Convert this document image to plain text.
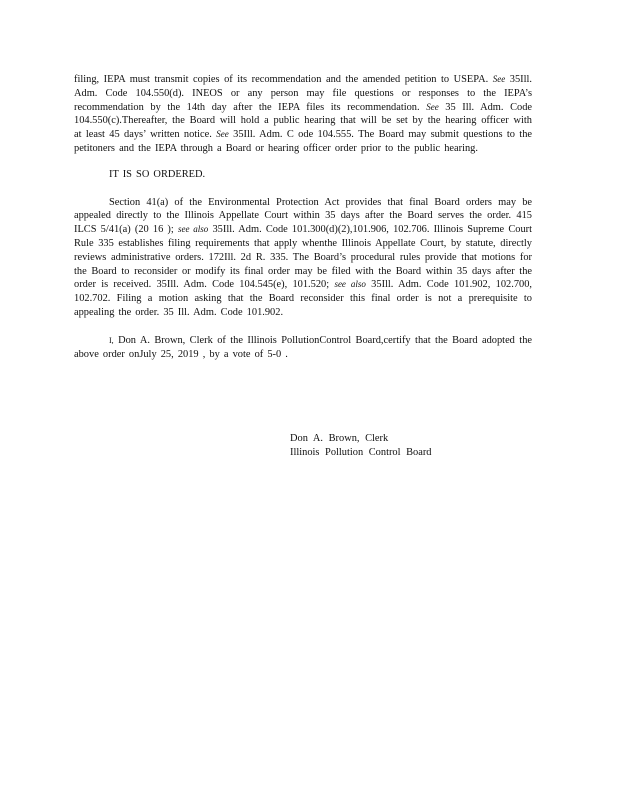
filing, IEPA must transmit copies of its recommendation and the amended petition to USEPA. See 35Ill. Adm. Code 104.550(d). INEOS or any person may file questions or responses to the IEPA’s recommendation by the 14th day after the IEPA files its recommendation. See 35 Ill. Adm. Code 104.550(c).Thereafter, the Board will hold a public hearing that will be set by the hearing officer with at least 45 days’ written notice. See 35Ill. Adm. C ode 104.555. The Board may submit questions to the petitoners and the IEPA through a Board or hearing officer order prior to the public hearing.

IT IS SO ORDERED.

Section 41(a) of the Environmental Protection Act provides that final Board orders may be appealed directly to the Illinois Appellate Court within 35 days after the Board serves the order. 415 ILCS 5/41(a) (20 16 ); see also 35Ill. Adm. Code 101.300(d)(2),101.906, 102.706. Illinois Supreme Court Rule 335 establishes filing requirements that apply whenthe Illinois Appellate Court, by statute, directly reviews administrative orders. 172Ill. 2d R. 335. The Board’s procedural rules provide that motions for the Board to reconsider or modify its final order may be filed with the Board within 35 days after the order is received. 35Ill. Adm. Code 104.545(e), 101.520; see also 35Ill. Adm. Code 101.902, 102.700, 102.702. Filing a motion asking that the Board reconsider this final order is not a prerequisite to appealing the order. 35 Ill. Adm. Code 101.902.

I, Don A. Brown, Clerk of the Illinois PollutionControl Board,certify that the Board adopted the above order onJuly 25, 2019 , by a vote of 5-0 .

Don A. Brown, Clerk
Illinois Pollution Control Board
